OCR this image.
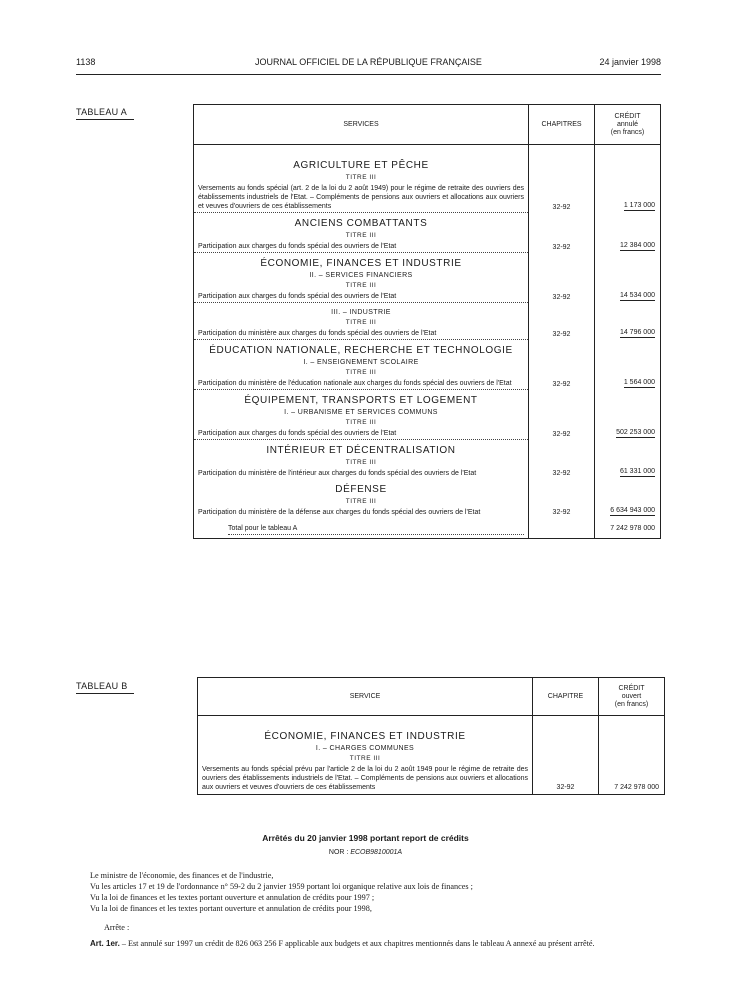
1138	JOURNAL OFFICIEL DE LA RÉPUBLIQUE FRANÇAISE	24 janvier 1998
TABLEAU A
SERVICES	CHAPITRES	CRÉDIT
annulé
(en francs)

AGRICULTURE ET PÊCHE
TITRE III
Versements au fonds spécial (art. 2 de la loi du 2 août 1949) pour le régime de retraite des ouvriers des établissements industriels de l'Etat. – Compléments de pensions aux ouvriers et allocations aux ouvriers et veuves d'ouvriers de ces établissements	32-92	1 173 000

ANCIENS COMBATTANTS
TITRE III
Participation aux charges du fonds spécial des ouvriers de l'Etat	32-92	12 384 000

ÉCONOMIE, FINANCES ET INDUSTRIE
II. – SERVICES FINANCIERS
TITRE III
Participation aux charges du fonds spécial des ouvriers de l'Etat	32-92	14 534 000

III. – INDUSTRIE
TITRE III
Participation du ministère aux charges du fonds spécial des ouvriers de l'Etat	32-92	14 796 000

ÉDUCATION NATIONALE, RECHERCHE ET TECHNOLOGIE
I. – ENSEIGNEMENT SCOLAIRE
TITRE III
Participation du ministère de l'éducation nationale aux charges du fonds spécial des ouvriers de l'Etat	32-92	1 564 000

ÉQUIPEMENT, TRANSPORTS ET LOGEMENT
I. – URBANISME ET SERVICES COMMUNS
TITRE III
Participation aux charges du fonds spécial des ouvriers de l'Etat	32-92	502 253 000

INTÉRIEUR ET DÉCENTRALISATION
TITRE III
Participation du ministère de l'intérieur aux charges du fonds spécial des ouvriers de l'Etat	32-92	61 331 000

DÉFENSE
TITRE III
Participation du ministère de la défense aux charges du fonds spécial des ouvriers de l'Etat	32-92	6 634 943 000

Total pour le tableau A		7 242 978 000
TABLEAU B
SERVICE	CHAPITRE	CRÉDIT
ouvert
(en francs)

ÉCONOMIE, FINANCES ET INDUSTRIE
I. – CHARGES COMMUNES
TITRE III
Versements au fonds spécial prévu par l'article 2 de la loi du 2 août 1949 pour le régime de retraite des ouvriers des établissements industriels de l'Etat. – Compléments de pensions aux ouvriers et allocations aux ouvriers et veuves d'ouvriers de ces établissements	32-92	7 242 978 000
Arrêtés du 20 janvier 1998 portant report de crédits
NOR : ECOB9810001A
Le ministre de l'économie, des finances et de l'industrie,
Vu les articles 17 et 19 de l'ordonnance n° 59-2 du 2 janvier 1959 portant loi organique relative aux lois de finances ;
Vu la loi de finances et les textes portant ouverture et annulation de crédits pour 1997 ;
Vu la loi de finances et les textes portant ouverture et annulation de crédits pour 1998,
Arrête :
Art. 1er. – Est annulé sur 1997 un crédit de 826 063 256 F applicable aux budgets et aux chapitres mentionnés dans le tableau A annexé au présent arrêté.
